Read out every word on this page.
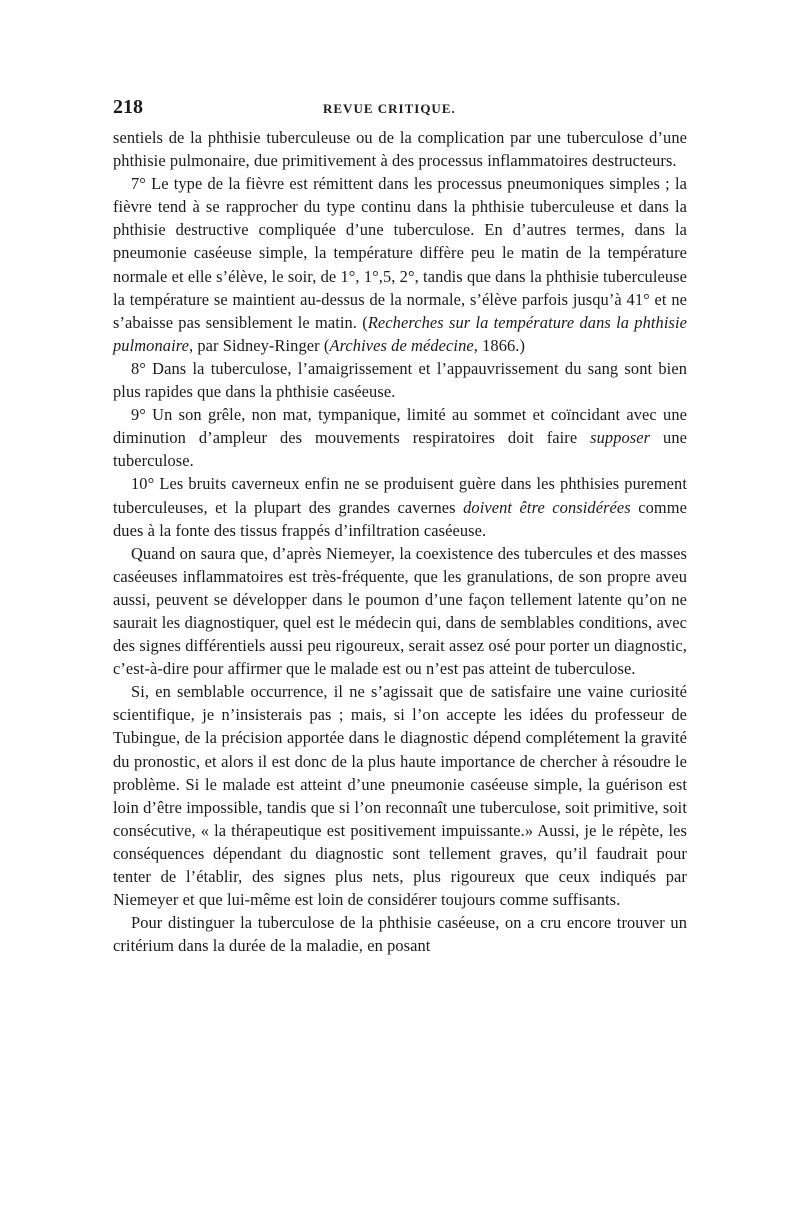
218	REVUE CRITIQUE.

sentiels de la phthisie tuberculeuse ou de la complication par une tuberculose d’une phthisie pulmonaire, due primitivement à des processus inflammatoires destructeurs.

7° Le type de la fièvre est rémittent dans les processus pneumoniques simples ; la fièvre tend à se rapprocher du type continu dans la phthisie tuberculeuse et dans la phthisie destructive compliquée d’une tuberculose. En d’autres termes, dans la pneumonie caséeuse simple, la température diffère peu le matin de la température normale et elle s’élève, le soir, de 1°, 1°,5, 2°, tandis que dans la phthisie tuberculeuse la température se maintient au-dessus de la normale, s’élève parfois jusqu’à 41° et ne s’abaisse pas sensiblement le matin. (Recherches sur la température dans la phthisie pulmonaire, par Sidney-Ringer (Archives de médecine, 1866.)

8° Dans la tuberculose, l’amaigrissement et l’appauvrissement du sang sont bien plus rapides que dans la phthisie caséeuse.

9° Un son grêle, non mat, tympanique, limité au sommet et coïncidant avec une diminution d’ampleur des mouvements respiratoires doit faire supposer une tuberculose.

10° Les bruits caverneux enfin ne se produisent guère dans les phthisies purement tuberculeuses, et la plupart des grandes cavernes doivent être considérées comme dues à la fonte des tissus frappés d’infiltration caséeuse.

Quand on saura que, d’après Niemeyer, la coexistence des tubercules et des masses caséeuses inflammatoires est très-fréquente, que les granulations, de son propre aveu aussi, peuvent se développer dans le poumon d’une façon tellement latente qu’on ne saurait les diagnostiquer, quel est le médecin qui, dans de semblables conditions, avec des signes différentiels aussi peu rigoureux, serait assez osé pour porter un diagnostic, c’est-à-dire pour affirmer que le malade est ou n’est pas atteint de tuberculose.

Si, en semblable occurrence, il ne s’agissait que de satisfaire une vaine curiosité scientifique, je n’insisterais pas ; mais, si l’on accepte les idées du professeur de Tubingue, de la précision apportée dans le diagnostic dépend complétement la gravité du pronostic, et alors il est donc de la plus haute importance de chercher à résoudre le problème. Si le malade est atteint d’une pneumonie caséeuse simple, la guérison est loin d’être impossible, tandis que si l’on reconnaît une tuberculose, soit primitive, soit consécutive, « la thérapeutique est positivement impuissante.» Aussi, je le répète, les conséquences dépendant du diagnostic sont tellement graves, qu’il faudrait pour tenter de l’établir, des signes plus nets, plus rigoureux que ceux indiqués par Niemeyer et que lui-même est loin de considérer toujours comme suffisants.

Pour distinguer la tuberculose de la phthisie caséeuse, on a cru encore trouver un critérium dans la durée de la maladie, en posant
